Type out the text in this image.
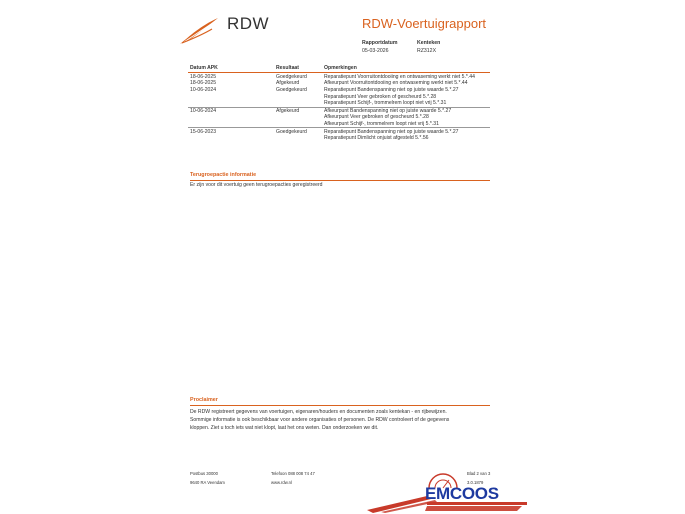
RDW	RDW-Voertuigrapport
Rapportdatum
05-03-2026
Kenteken
RZ312X
Datum APK	Resultaat	Opmerkingen
18-06-2025	Goedgekeurd	Reparatiepunt Voorruitontdooiing en ontwaseming werkt niet 5.*.44
18-06-2025	Afgekeurd	Afkeurpunt Voorruitontdooiing en ontwaseming werkt niet 5.*.44
10-06-2024	Goedgekeurd	Reparatiepunt Bandenspanning niet op juiste waarde 5.*.27
		Reparatiepunt Veer gebroken of gescheurd 5.*.28
		Reparatiepunt Schijf-, trommelrem loopt niet vrij 5.*.31
10-06-2024	Afgekeurd	Afkeurpunt Bandenspanning niet op juiste waarde 5.*.27
		Afkeurpunt Veer gebroken of gescheurd 5.*.28
		Afkeurpunt Schijf-, trommelrem loopt niet vrij 5.*.31
15-06-2023	Goedgekeurd	Reparatiepunt Bandenspanning niet op juiste waarde 5.*.27
		Reparatiepunt Dimlicht onjuist afgesteld 5.*.56
Terugroepactie informatie
Er zijn voor dit voertuig geen terugroepacties geregistreerd
Proclaimer
De RDW registreert gegevens van voertuigen, eigenaren/houders en documenten zoals kentekan - en rijbewijzen.
Sommige informatie is ook beschikbaar voor andere organisaties of personen. De RDW controleert of de gegevens
kloppen. Ziet u toch iets wat niet klopt, laat het ons weten. Dan onderzoeken we dit.
Postbus 30000
9640 RA Veendam
Telefoon 088 008 74 47
www.rdw.nl
Blad 2 van 3
3.0.1879
EMCOOS
